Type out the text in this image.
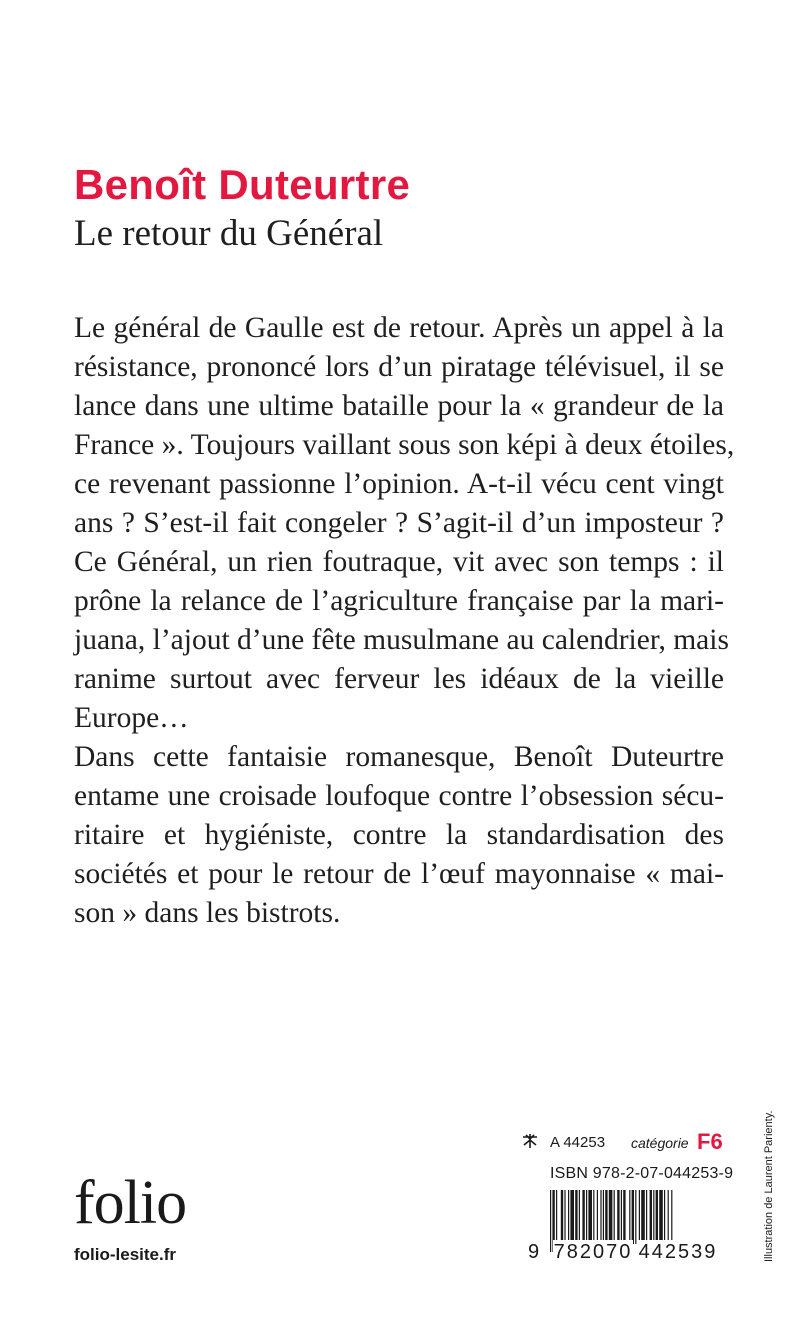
Benoît Duteurtre
Le retour du Général
Le général de Gaulle est de retour. Après un appel à la
résistance, prononcé lors d’un piratage télévisuel, il se
lance dans une ultime bataille pour la « grandeur de la
France ». Toujours vaillant sous son képi à deux étoiles,
ce revenant passionne l’opinion. A-t-il vécu cent vingt
ans ? S’est-il fait congeler ? S’agit-il d’un imposteur ?
Ce Général, un rien foutraque, vit avec son temps : il
prône la relance de l’agriculture française par la mari-
juana, l’ajout d’une fête musulmane au calendrier, mais
ranime surtout avec ferveur les idéaux de la vieille
Europe…
Dans cette fantaisie romanesque, Benoît Duteurtre
entame une croisade loufoque contre l’obsession sécu-
ritaire et hygiéniste, contre la standardisation des
sociétés et pour le retour de l’œuf mayonnaise « mai-
son » dans les bistrots.
folio
folio-lesite.fr
A 44253 catégorie F6
ISBN 978-2-07-044253-9
9 782070 442539	Illustration de Laurent Parienty.
